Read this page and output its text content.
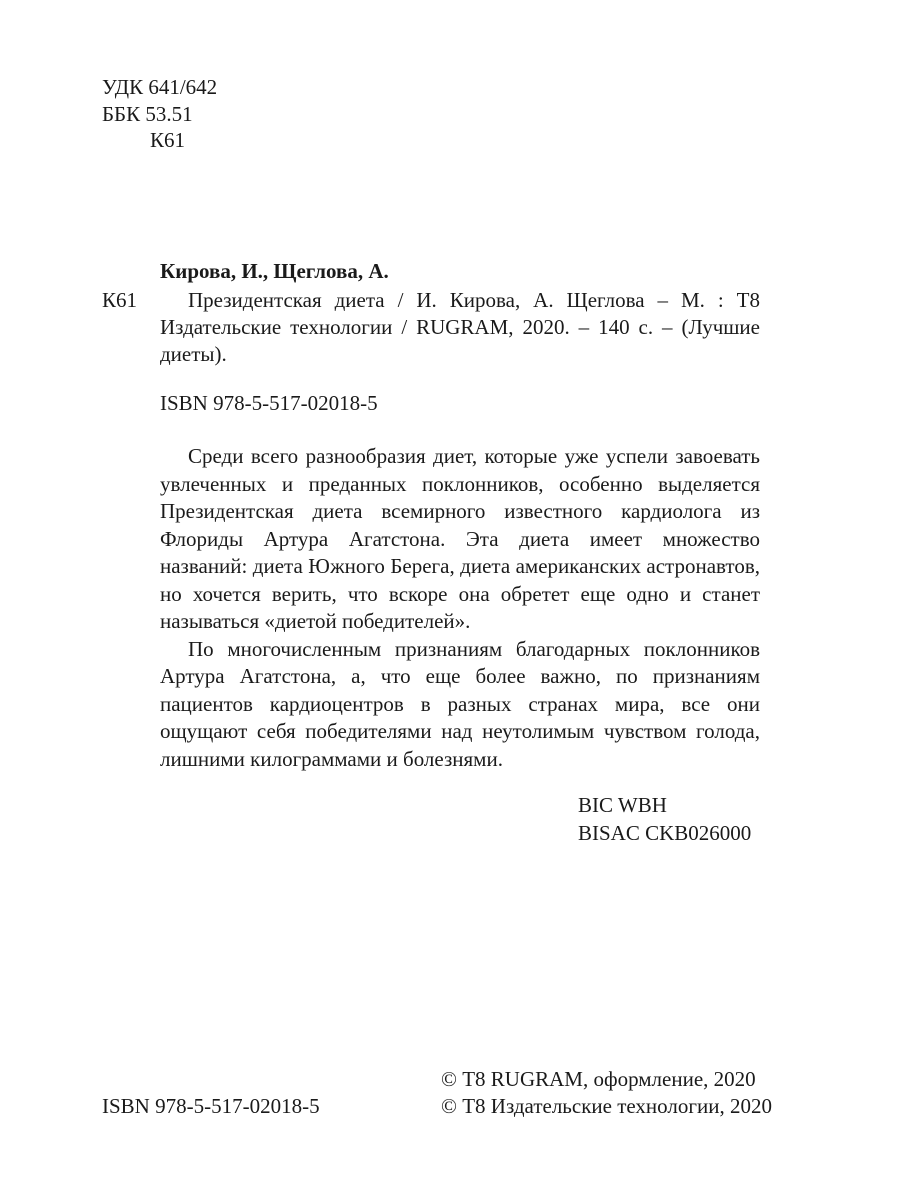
УДК 641/642
ББК 53.51
К61
Кирова, И., Щеглова, А.
К61	Президентская диета / И. Кирова, А. Щеглова – М. : Т8 Издательские технологии / RUGRAM, 2020. – 140 с. – (Лучшие диеты).
ISBN 978-5-517-02018-5

Среди всего разнообразия диет, которые уже успели завоевать увлеченных и преданных поклонников, особенно выделяется Президентская диета всемирного известного кардиолога из Флориды Артура Агатстона. Эта диета имеет множество названий: диета Южного Берега, диета американских астронавтов, но хочется верить, что вскоре она обретет еще одно и станет называться «диетой победителей».

По многочисленным признаниям благодарных поклонников Артура Агатстона, а, что еще более важно, по признаниям пациентов кардиоцентров в разных странах мира, все они ощущают себя победителями над неутолимым чувством голода, лишними килограммами и болезнями.

BIC WBH
BISAC CKB026000
ISBN 978-5-517-02018-5
© Т8 RUGRAM, оформление, 2020
© Т8 Издательские технологии, 2020
